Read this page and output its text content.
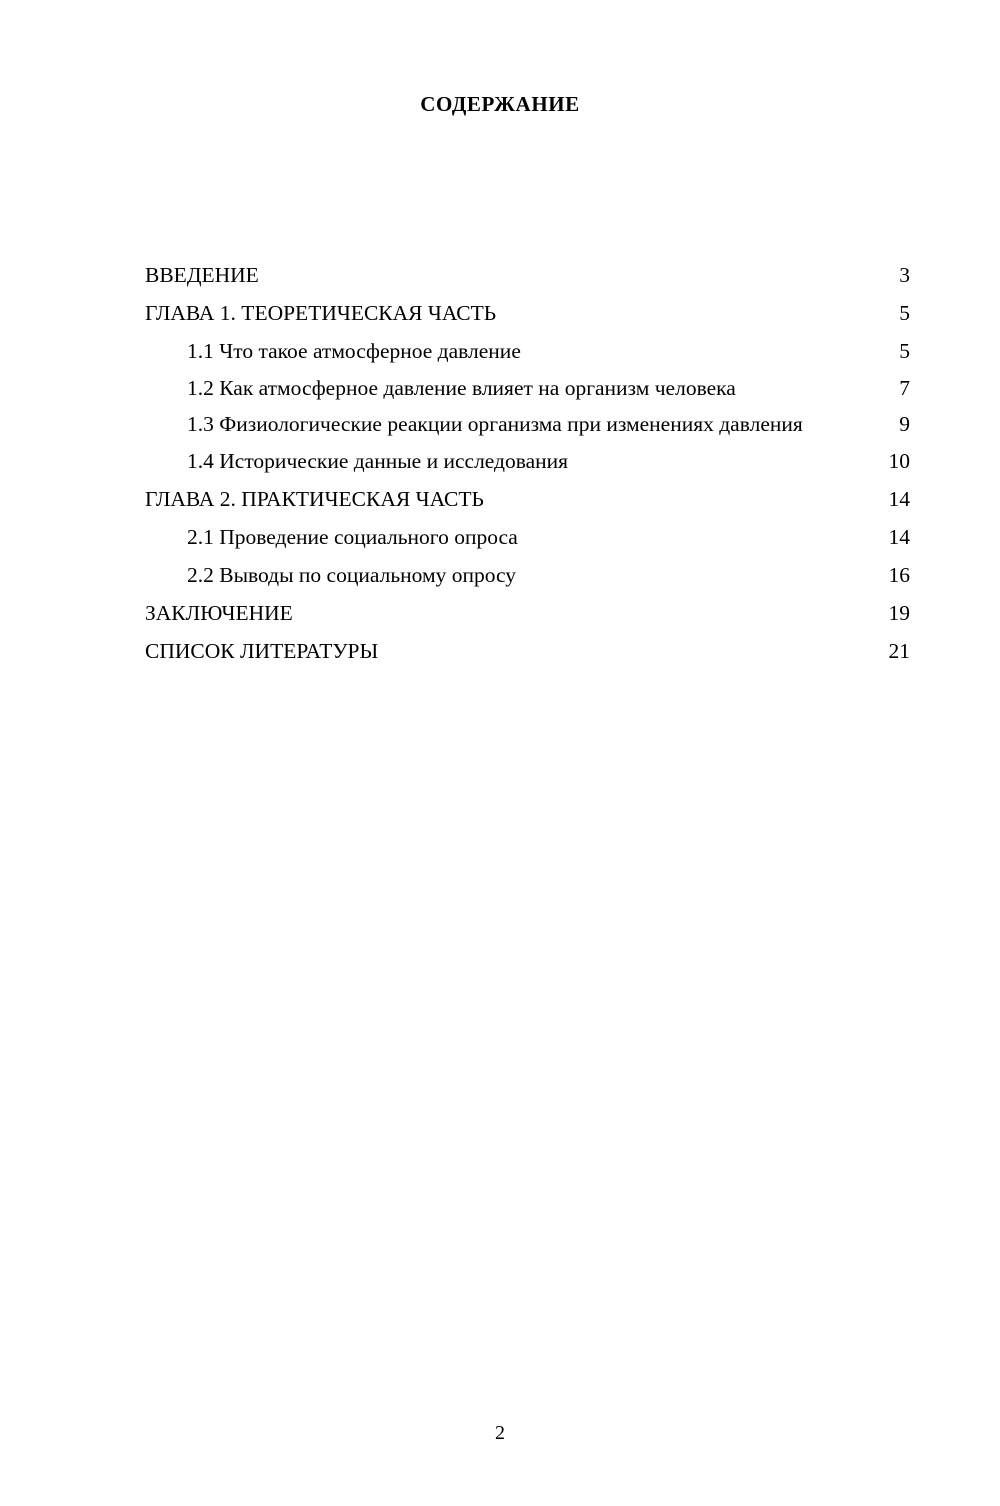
СОДЕРЖАНИЕ
ВВЕДЕНИЕ	3
ГЛАВА 1. ТЕОРЕТИЧЕСКАЯ ЧАСТЬ	5
1.1 Что такое атмосферное давление	5
1.2 Как атмосферное давление влияет на организм человека	7
1.3 Физиологические реакции организма при изменениях давления	9
1.4 Исторические данные и исследования	10
ГЛАВА 2. ПРАКТИЧЕСКАЯ ЧАСТЬ	14
2.1 Проведение социального опроса	14
2.2 Выводы по социальному опросу	16
ЗАКЛЮЧЕНИЕ	19
СПИСОК ЛИТЕРАТУРЫ	21
2
